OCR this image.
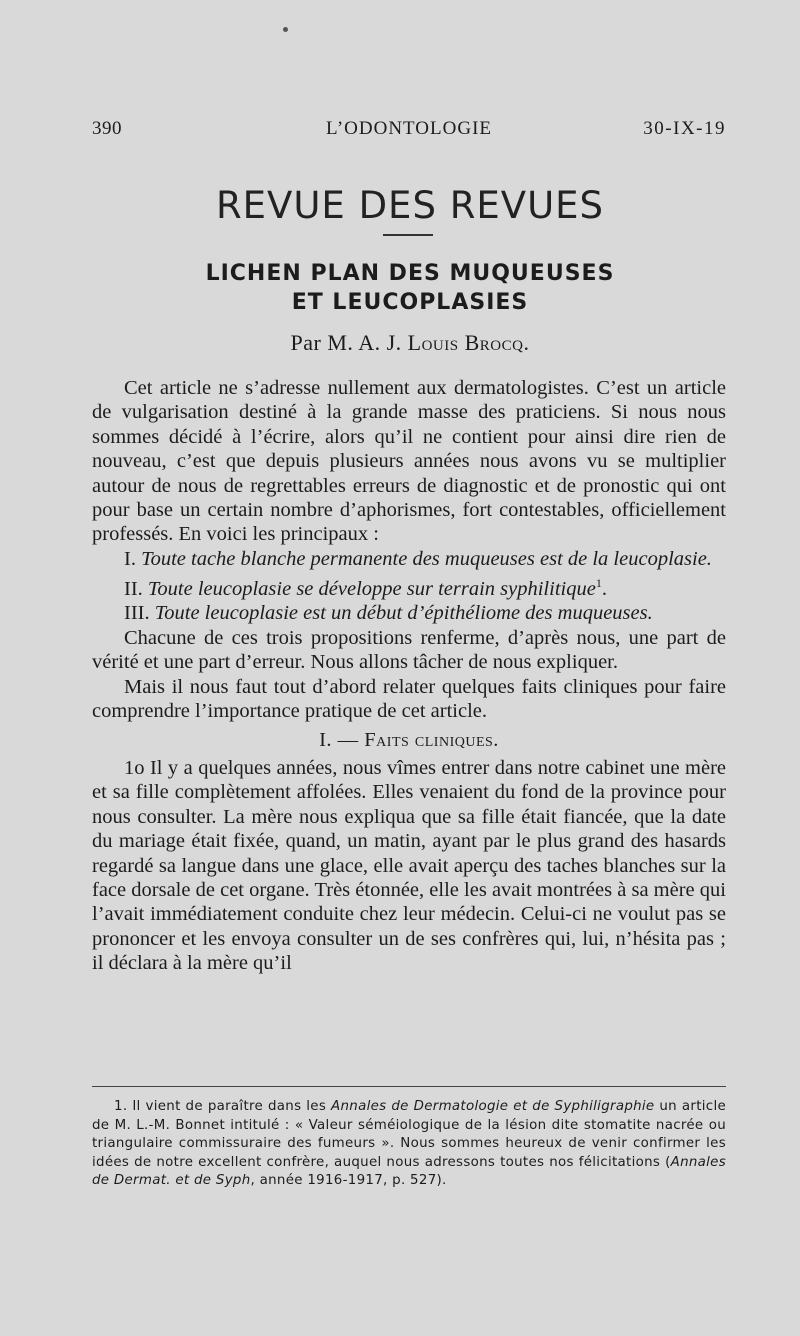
390	L’ODONTOLOGIE	30-IX-19
REVUE DES REVUES
LICHEN PLAN DES MUQUEUSES
ET LEUCOPLASIES
Par M. A. J. Louis Brocq.

Cet article ne s’adresse nullement aux dermatologistes. C’est un article de vulgarisation destiné à la grande masse des praticiens. Si nous nous sommes décidé à l’écrire, alors qu’il ne contient pour ainsi dire rien de nouveau, c’est que depuis plusieurs années nous avons vu se multiplier autour de nous de regrettables erreurs de diagnostic et de pronostic qui ont pour base un certain nombre d’aphorismes, fort contestables, officiellement professés. En voici les principaux :

I. Toute tache blanche permanente des muqueuses est de la leucoplasie.

II. Toute leucoplasie se développe sur terrain syphilitique$^1$.

III. Toute leucoplasie est un début d’épithéliome des muqueuses.

Chacune de ces trois propositions renferme, d’après nous, une part de vérité et une part d’erreur. Nous allons tâcher de nous expliquer.

Mais il nous faut tout d’abord relater quelques faits cliniques pour faire comprendre l’importance pratique de cet article.

I. — Faits cliniques.

1o Il y a quelques années, nous vîmes entrer dans notre cabinet une mère et sa fille complètement affolées. Elles venaient du fond de la province pour nous consulter. La mère nous expliqua que sa fille était fiancée, que la date du mariage était fixée, quand, un matin, ayant par le plus grand des hasards regardé sa langue dans une glace, elle avait aperçu des taches blanches sur la face dorsale de cet organe. Très étonnée, elle les avait montrées à sa mère qui l’avait immédiatement conduite chez leur médecin. Celui-ci ne voulut pas se prononcer et les envoya consulter un de ses confrères qui, lui, n’hésita pas ; il déclara à la mère qu’il

1. Il vient de paraître dans les Annales de Dermatologie et de Syphiligraphie un article de M. L.-M. Bonnet intitulé : « Valeur séméiologique de la lésion dite stomatite nacrée ou triangulaire commissuraire des fumeurs ». Nous sommes heureux de venir confirmer les idées de notre excellent confrère, auquel nous adressons toutes nos félicitations (Annales de Dermat. et de Syph, année 1916-1917, p. 527).
